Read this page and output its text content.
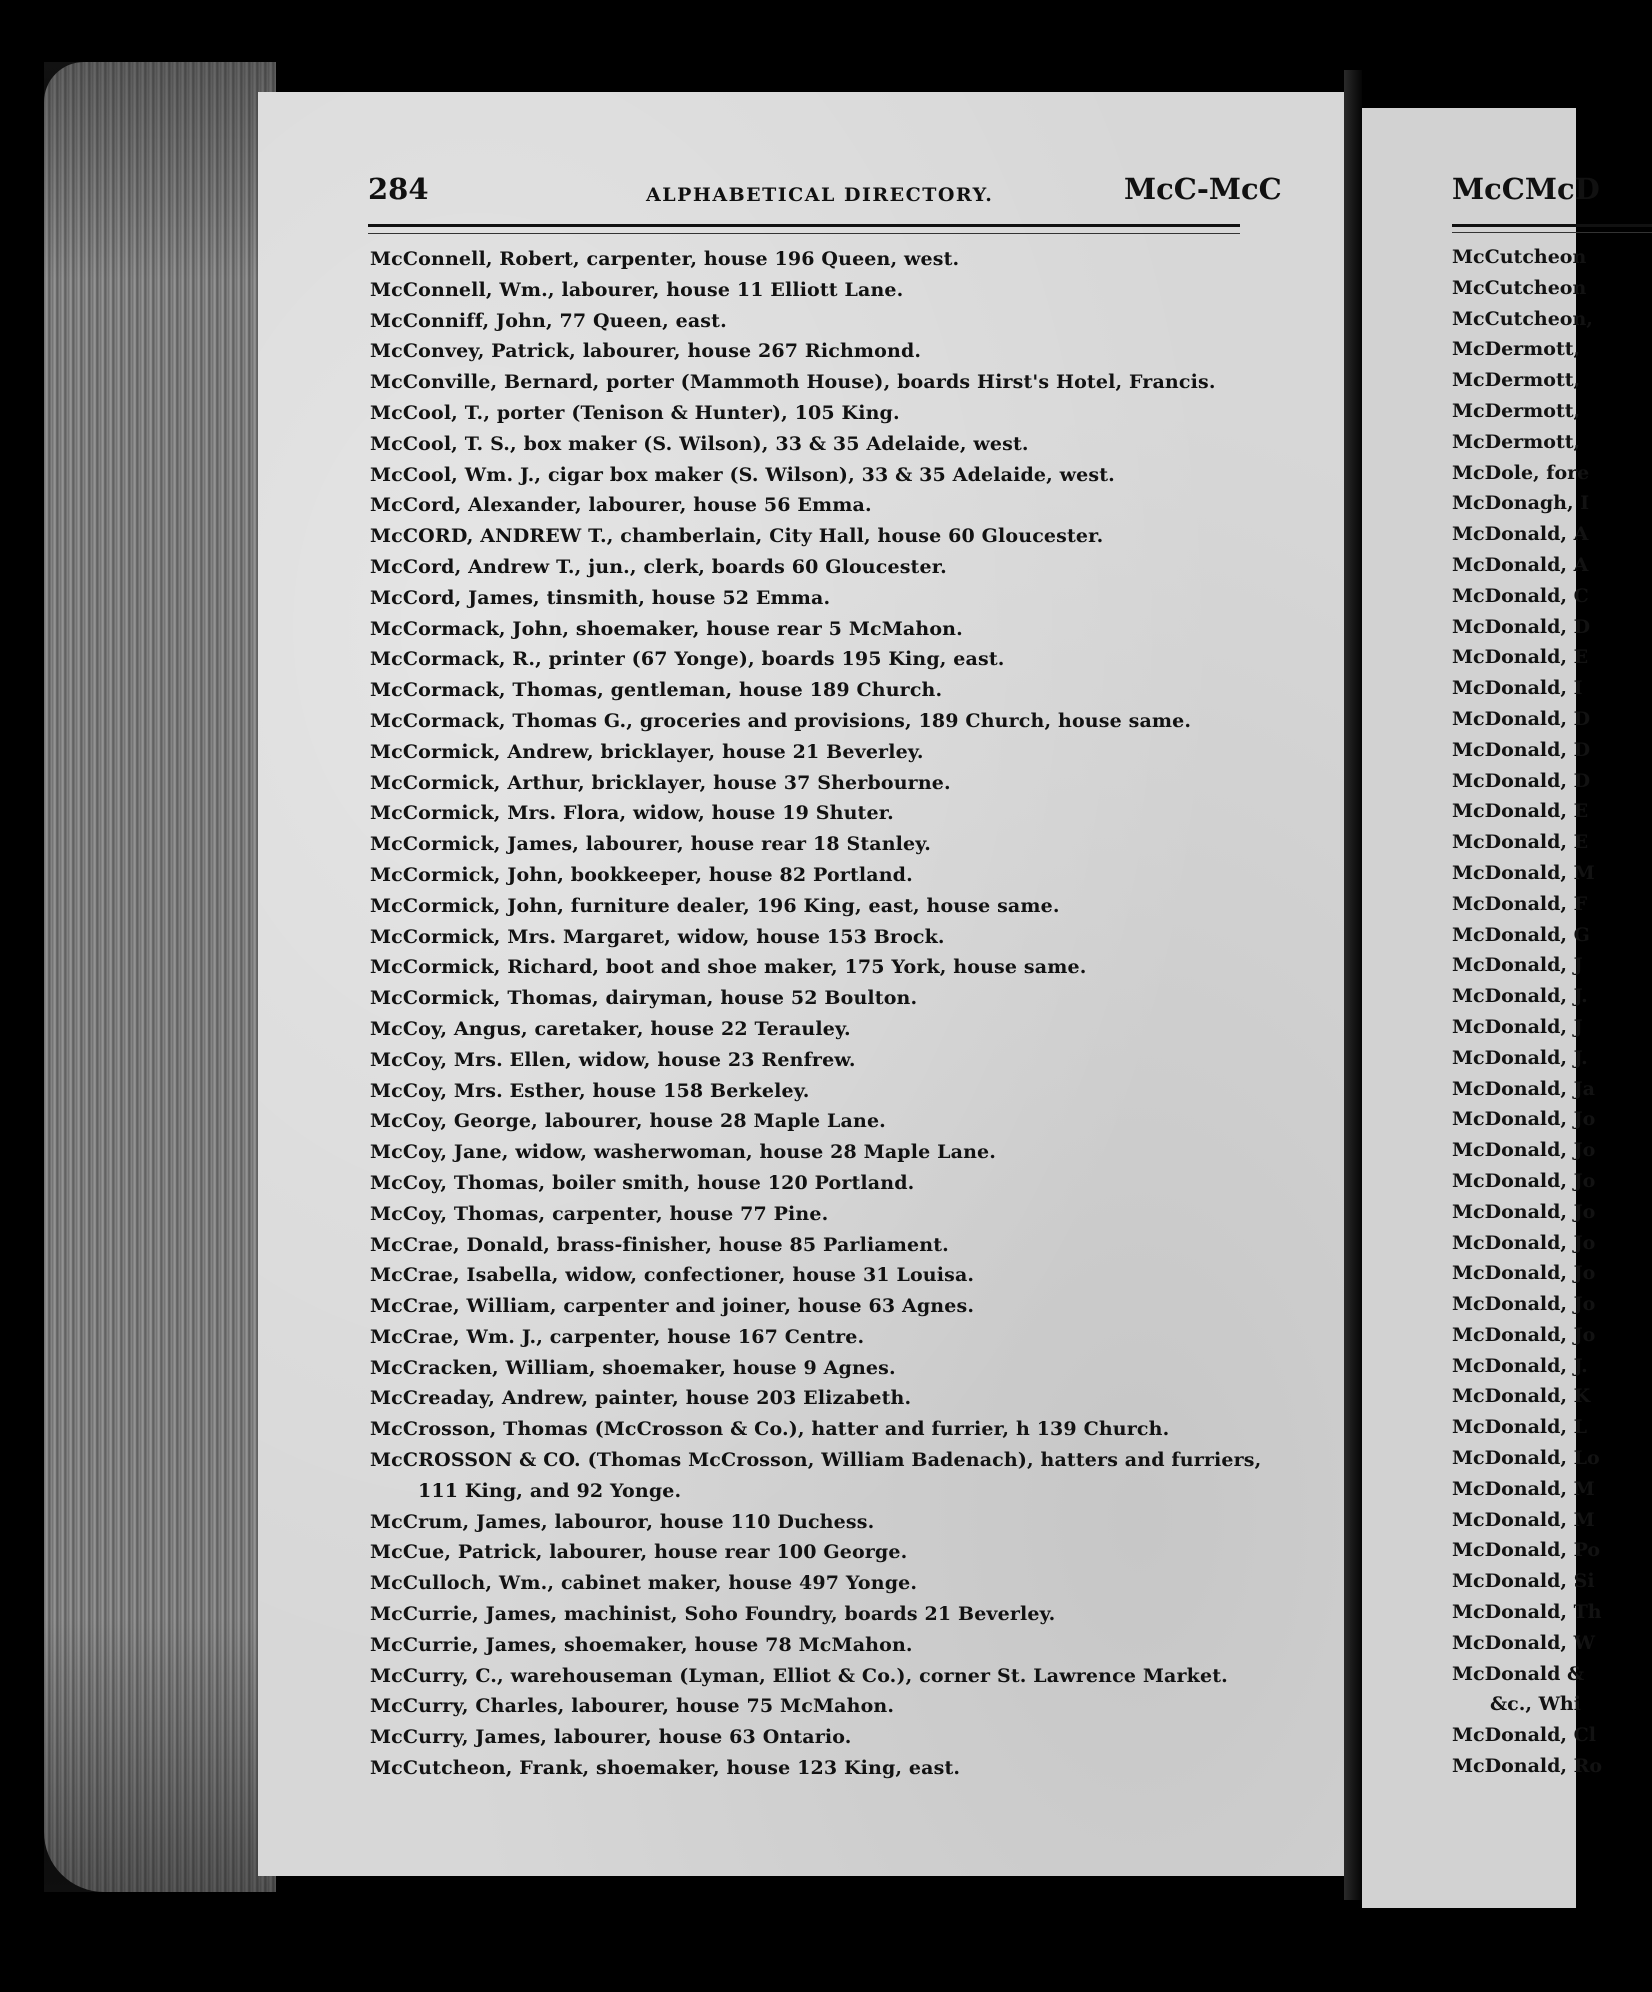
284	ALPHABETICAL DIRECTORY.	McC-McC
McConnell, Robert, carpenter, house 196 Queen, west.
McConnell, Wm., labourer, house 11 Elliott Lane.
McConniff, John, 77 Queen, east.
McConvey, Patrick, labourer, house 267 Richmond.
McConville, Bernard, porter (Mammoth House), boards Hirst's Hotel, Francis.
McCool, T., porter (Tenison & Hunter), 105 King.
McCool, T. S., box maker (S. Wilson), 33 & 35 Adelaide, west.
McCool, Wm. J., cigar box maker (S. Wilson), 33 & 35 Adelaide, west.
McCord, Alexander, labourer, house 56 Emma.
McCORD, ANDREW T., chamberlain, City Hall, house 60 Gloucester.
McCord, Andrew T., jun., clerk, boards 60 Gloucester.
McCord, James, tinsmith, house 52 Emma.
McCormack, John, shoemaker, house rear 5 McMahon.
McCormack, R., printer (67 Yonge), boards 195 King, east.
McCormack, Thomas, gentleman, house 189 Church.
McCormack, Thomas G., groceries and provisions, 189 Church, house same.
McCormick, Andrew, bricklayer, house 21 Beverley.
McCormick, Arthur, bricklayer, house 37 Sherbourne.
McCormick, Mrs. Flora, widow, house 19 Shuter.
McCormick, James, labourer, house rear 18 Stanley.
McCormick, John, bookkeeper, house 82 Portland.
McCormick, John, furniture dealer, 196 King, east, house same.
McCormick, Mrs. Margaret, widow, house 153 Brock.
McCormick, Richard, boot and shoe maker, 175 York, house same.
McCormick, Thomas, dairyman, house 52 Boulton.
McCoy, Angus, caretaker, house 22 Terauley.
McCoy, Mrs. Ellen, widow, house 23 Renfrew.
McCoy, Mrs. Esther, house 158 Berkeley.
McCoy, George, labourer, house 28 Maple Lane.
McCoy, Jane, widow, washerwoman, house 28 Maple Lane.
McCoy, Thomas, boiler smith, house 120 Portland.
McCoy, Thomas, carpenter, house 77 Pine.
McCrae, Donald, brass-finisher, house 85 Parliament.
McCrae, Isabella, widow, confectioner, house 31 Louisa.
McCrae, William, carpenter and joiner, house 63 Agnes.
McCrae, Wm. J., carpenter, house 167 Centre.
McCracken, William, shoemaker, house 9 Agnes.
McCreaday, Andrew, painter, house 203 Elizabeth.
McCrosson, Thomas (McCrosson & Co.), hatter and furrier, h 139 Church.
McCROSSON & CO. (Thomas McCrosson, William Badenach), hatters and furriers,
111 King, and 92 Yonge.
McCrum, James, labouror, house 110 Duchess.
McCue, Patrick, labourer, house rear 100 George.
McCulloch, Wm., cabinet maker, house 497 Yonge.
McCurrie, James, machinist, Soho Foundry, boards 21 Beverley.
McCurrie, James, shoemaker, house 78 McMahon.
McCurry, C., warehouseman (Lyman, Elliot & Co.), corner St. Lawrence Market.
McCurry, Charles, labourer, house 75 McMahon.
McCurry, James, labourer, house 63 Ontario.
McCutcheon, Frank, shoemaker, house 123 King, east.
McCMcD
McCutcheon
McCutcheon
McCutcheon,
McDermott,
McDermott,
McDermott,
McDermott,
McDole, fore
McDonagh, I
McDonald, A
McDonald, A
McDonald, C
McDonald, D
McDonald, E
McDonald, I
McDonald, D
McDonald, D
McDonald, D
McDonald, E
McDonald, E
McDonald, M
McDonald, F
McDonald, G
McDonald, J
McDonald, J.
McDonald, J
McDonald, J.
McDonald, Ja
McDonald, Jo
McDonald, Jo
McDonald, Jo
McDonald, Jo
McDonald, Jo
McDonald, Jo
McDonald, Jo
McDonald, Jo
McDonald, J.
McDonald, K
McDonald, L
McDonald, Lo
McDonald, M
McDonald, M
McDonald, Po
McDonald, Si
McDonald, Th
McDonald, W
McDonald &
&c., Whi
McDonald, Cl
McDonald, Ro
